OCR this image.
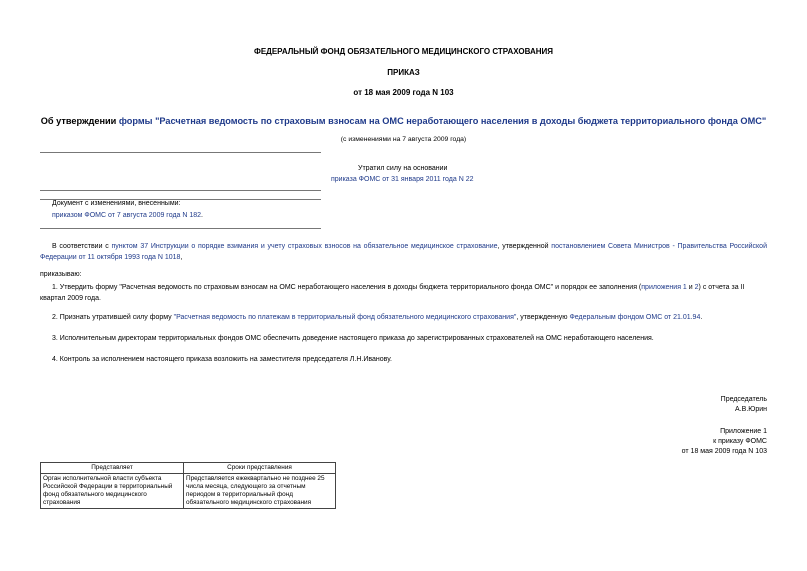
ФЕДЕРАЛЬНЫЙ ФОНД ОБЯЗАТЕЛЬНОГО МЕДИЦИНСКОГО СТРАХОВАНИЯ
ПРИКАЗ
от 18 мая 2009 года N 103
Об утверждении формы "Расчетная ведомость по страховым взносам на ОМС неработающего населения в доходы бюджета территориального фонда ОМС"
(с изменениями на 7 августа 2009 года)
Утратил силу на основании
приказа ФОМС от 31 января 2011 года N 22
Документ с изменениями, внесенными:
приказом ФОМС от 7 августа 2009 года N 182.
В соответствии с пунктом 37 Инструкции о порядке взимания и учету страховых взносов на обязательное медицинское страхование, утвержденной постановлением Совета Министров - Правительства Российской Федерации от 11 октября 1993 года N 1018,
приказываю:
1. Утвердить форму "Расчетная ведомость по страховым взносам на ОМС неработающего населения в доходы бюджета территориального фонда ОМС" и порядок ее заполнения (приложения 1 и 2) с отчета за II квартал 2009 года.
2. Признать утратившей силу форму "Расчетная ведомость по платежам в территориальный фонд обязательного медицинского страхования", утвержденную Федеральным фондом ОМС от 21.01.94.
3. Исполнительным директорам территориальных фондов ОМС обеспечить доведение настоящего приказа до зарегистрированных страхователей на ОМС неработающего населения.
4. Контроль за исполнением настоящего приказа возложить на заместителя председателя Л.Н.Иванову.
Председатель
А.В.Юрин
Приложение 1
к приказу ФОМС
от 18 мая 2009 года N 103
Представляет	Сроки представления
Орган исполнительной власти субъекта Российской Федерации в территориальный фонд обязательного медицинского страхования	Представляется ежеквартально не позднее 25 числа месяца, следующего за отчетным периодом в территориальный фонд обязательного медицинского страхования
